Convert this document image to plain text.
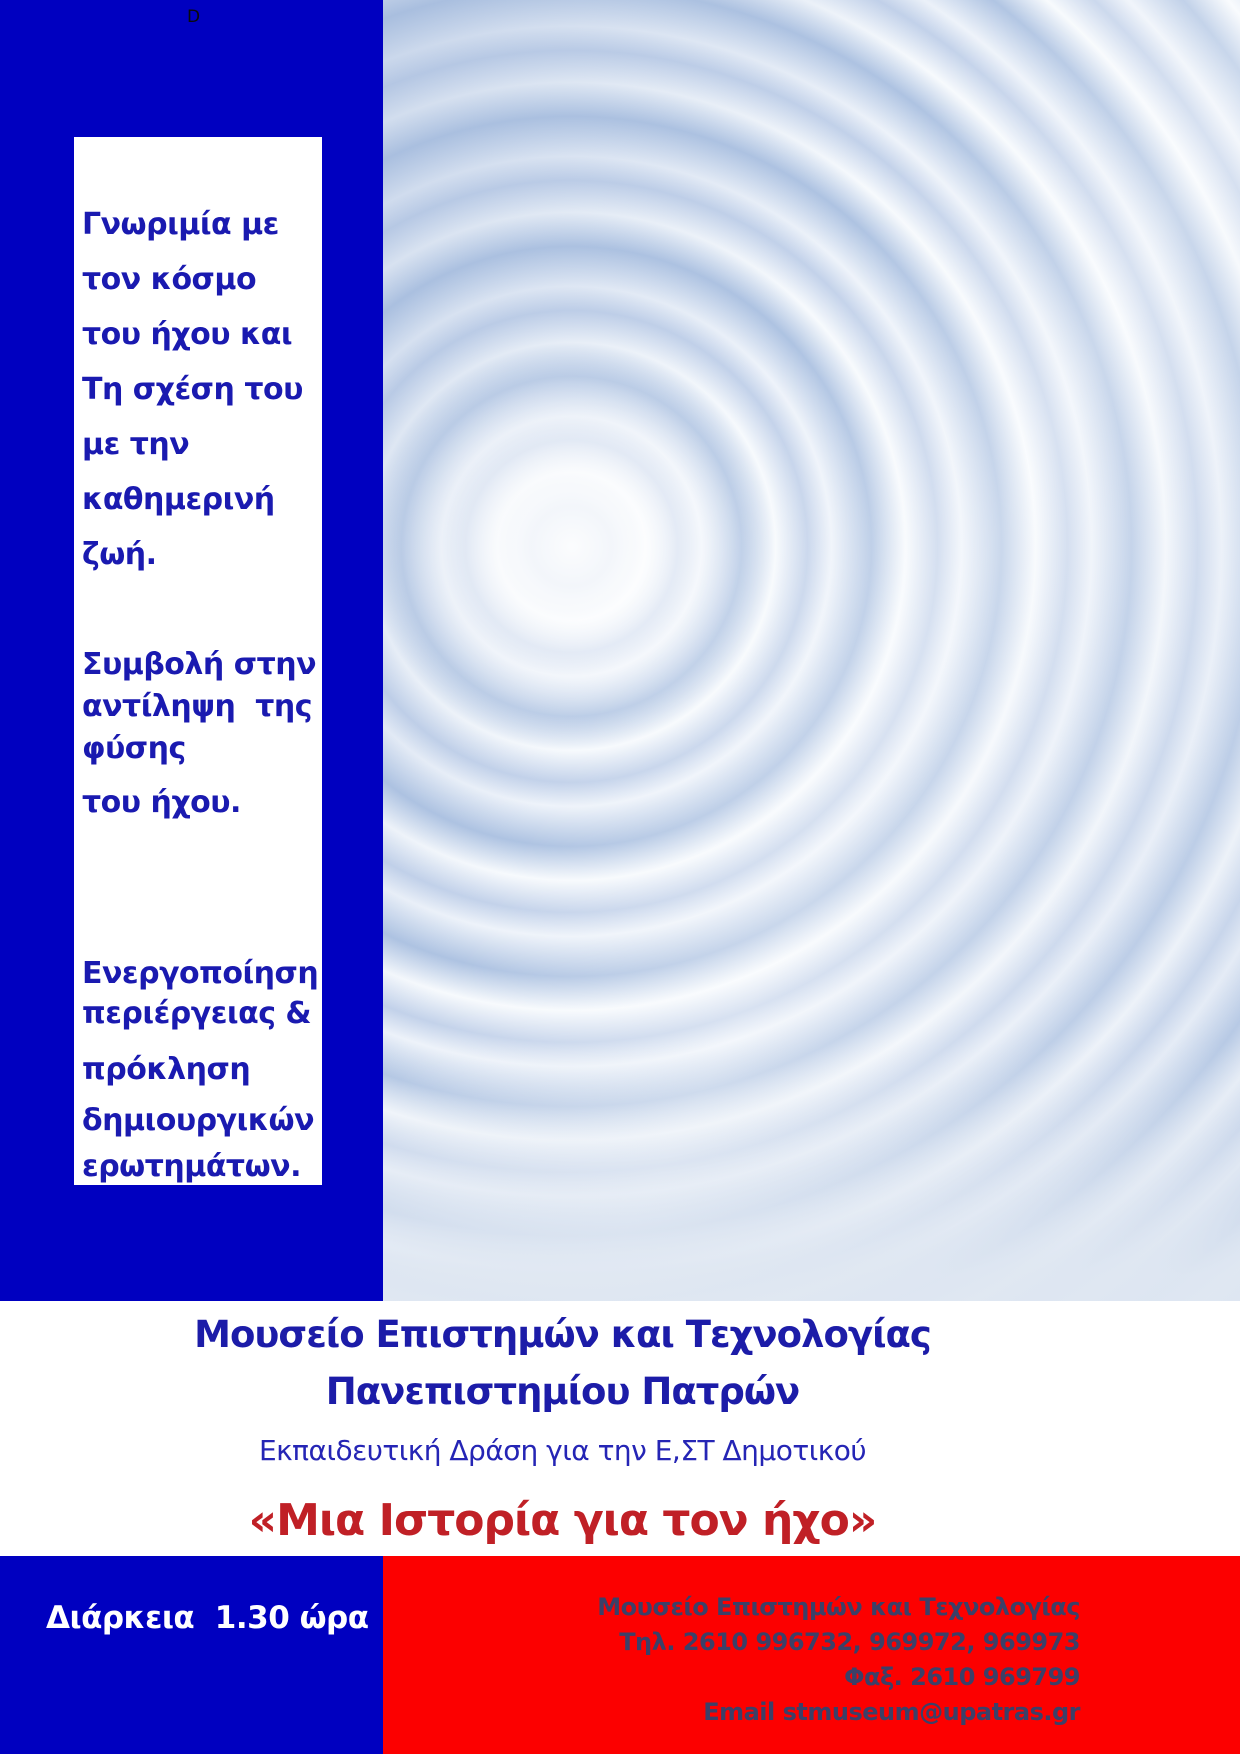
D
Γνωριμία με
τον κόσμο
του ήχου και
Τη σχέση του
με την
καθημερινή
ζωή.
Συμβολή στην
αντίληψη  της
φύσης
του ήχου.
Ενεργοποίηση
περιέργειας &
πρόκληση
δημιουργικών
ερωτημάτων.
Μουσείο Επιστημών και Τεχνολογίας
Πανεπιστημίου Πατρών
Εκπαιδευτική Δράση για την Ε,ΣΤ Δημοτικού
«Μια Ιστορία για τον ήχο»
Διάρκεια  1.30 ώρα	Μουσείο Επιστημών και Τεχνολογίας
Τηλ. 2610 996732, 969972, 969973
Φαξ. 2610 969799
Email stmuseum@upatras.gr
